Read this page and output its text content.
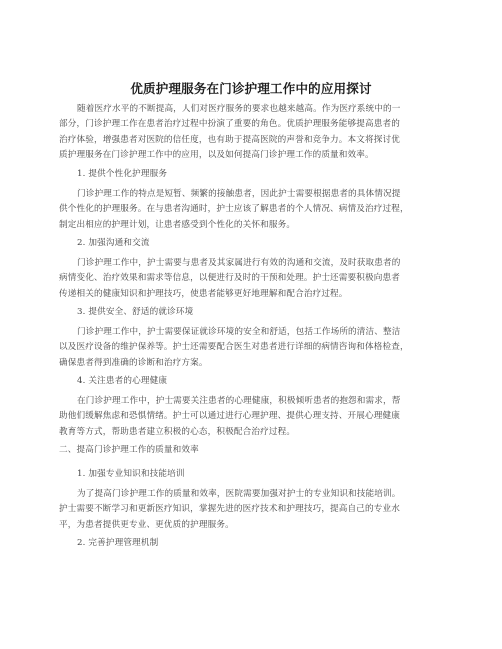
优质护理服务在门诊护理工作中的应用探讨
随着医疗水平的不断提高，人们对医疗服务的要求也越来越高。作为医疗系统中的一
部分，门诊护理工作在患者治疗过程中扮演了重要的角色。优质护理服务能够提高患者的
治疗体验，增强患者对医院的信任度，也有助于提高医院的声誉和竞争力。本文将探讨优
质护理服务在门诊护理工作中的应用，以及如何提高门诊护理工作的质量和效率。
1. 提供个性化护理服务
门诊护理工作的特点是短暂、频繁的接触患者，因此护士需要根据患者的具体情况提
供个性化的护理服务。在与患者沟通时，护士应该了解患者的个人情况、病情及治疗过程，
制定出相应的护理计划，让患者感受到个性化的关怀和服务。
2. 加强沟通和交流
门诊护理工作中，护士需要与患者及其家属进行有效的沟通和交流，及时获取患者的
病情变化、治疗效果和需求等信息，以便进行及时的干预和处理。护士还需要积极向患者
传递相关的健康知识和护理技巧，使患者能够更好地理解和配合治疗过程。
3. 提供安全、舒适的就诊环境
门诊护理工作中，护士需要保证就诊环境的安全和舒适，包括工作场所的清洁、整洁
以及医疗设备的维护保养等。护士还需要配合医生对患者进行详细的病情咨询和体格检查，
确保患者得到准确的诊断和治疗方案。
4. 关注患者的心理健康
在门诊护理工作中，护士需要关注患者的心理健康，积极倾听患者的抱怨和需求，帮
助他们缓解焦虑和恐惧情绪。护士可以通过进行心理护理、提供心理支持、开展心理健康
教育等方式，帮助患者建立积极的心态，积极配合治疗过程。
二、提高门诊护理工作的质量和效率
1. 加强专业知识和技能培训
为了提高门诊护理工作的质量和效率，医院需要加强对护士的专业知识和技能培训。
护士需要不断学习和更新医疗知识，掌握先进的医疗技术和护理技巧，提高自己的专业水
平，为患者提供更专业、更优质的护理服务。
2. 完善护理管理机制
